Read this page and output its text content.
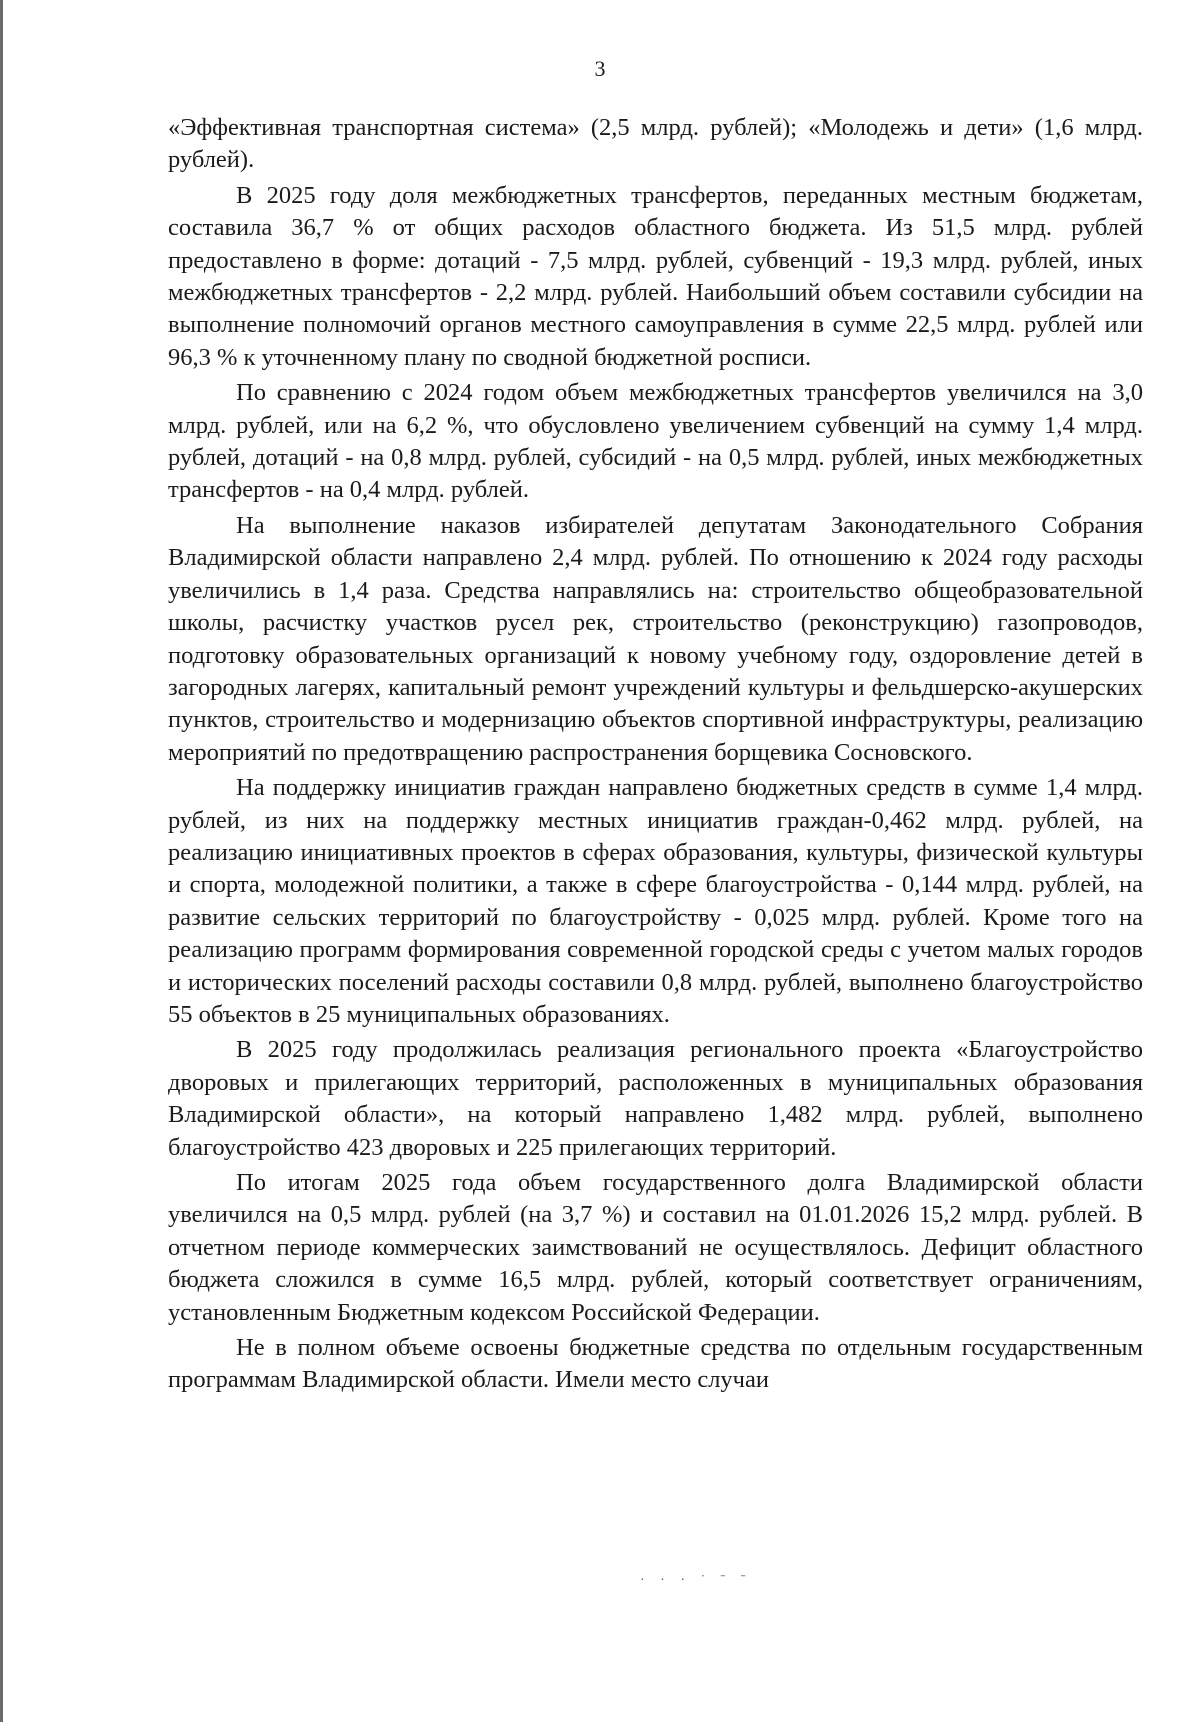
3

«Эффективная транспортная система» (2,5 млрд. рублей); «Молодежь и дети» (1,6 млрд. рублей).

В 2025 году доля межбюджетных трансфертов, переданных местным бюджетам, составила 36,7 % от общих расходов областного бюджета. Из 51,5 млрд. рублей предоставлено в форме: дотаций - 7,5 млрд. рублей, субвенций - 19,3 млрд. рублей, иных межбюджетных трансфертов - 2,2 млрд. рублей. Наибольший объем составили субсидии на выполнение полномочий органов местного самоуправления в сумме 22,5 млрд. рублей или 96,3 % к уточненному плану по сводной бюджетной росписи.

По сравнению с 2024 годом объем межбюджетных трансфертов увеличился на 3,0 млрд. рублей, или на 6,2 %, что обусловлено увеличением субвенций на сумму 1,4 млрд. рублей, дотаций - на 0,8 млрд. рублей, субсидий - на 0,5 млрд. рублей, иных межбюджетных трансфертов - на 0,4 млрд. рублей.

На выполнение наказов избирателей депутатам Законодательного Собрания Владимирской области направлено 2,4 млрд. рублей. По отношению к 2024 году расходы увеличились в 1,4 раза. Средства направлялись на: строительство общеобразовательной школы, расчистку участков русел рек, строительство (реконструкцию) газопроводов, подготовку образовательных организаций к новому учебному году, оздоровление детей в загородных лагерях, капитальный ремонт учреждений культуры и фельдшерско-акушерских пунктов, строительство и модернизацию объектов спортивной инфраструктуры, реализацию мероприятий по предотвращению распространения борщевика Сосновского.

На поддержку инициатив граждан направлено бюджетных средств в сумме 1,4 млрд. рублей, из них на поддержку местных инициатив граждан-0,462 млрд. рублей, на реализацию инициативных проектов в сферах образования, культуры, физической культуры и спорта, молодежной политики, а также в сфере благоустройства - 0,144 млрд. рублей, на развитие сельских территорий по благоустройству - 0,025 млрд. рублей. Кроме того на реализацию программ формирования современной городской среды с учетом малых городов и исторических поселений расходы составили 0,8 млрд. рублей, выполнено благоустройство 55 объектов в 25 муниципальных образованиях.

В 2025 году продолжилась реализация регионального проекта «Благоустройство дворовых и прилегающих территорий, расположенных в муниципальных образования Владимирской области», на который направлено 1,482 млрд. рублей, выполнено благоустройство 423 дворовых и 225 прилегающих территорий.

По итогам 2025 года объем государственного долга Владимирской области увеличился на 0,5 млрд. рублей (на 3,7 %) и составил на 01.01.2026 15,2 млрд. рублей. В отчетном периоде коммерческих заимствований не осуществлялось. Дефицит областного бюджета сложился в сумме 16,5 млрд. рублей, который соответствует ограничениям, установленным Бюджетным кодексом Российской Федерации.

Не в полном объеме освоены бюджетные средства по отдельным государственным программам Владимирской области. Имели место случаи

· · · ˙ ˉ ˉ
